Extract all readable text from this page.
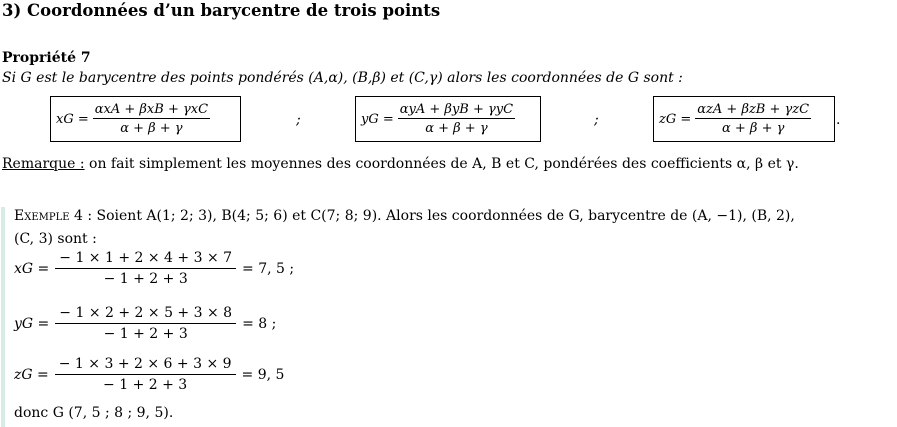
3) Coordonnées d’un barycentre de trois points
Propriété 7
Si G est le barycentre des points pondérés (A,α), (B,β) et (C,γ) alors les coordonnées de G sont :
xG = $\frac{\text{αxA + βxB + γxC}}{\alpha + \beta + \gamma}$	;	yG = $\frac{\text{αyA + βyB + γyC}}{\alpha + \beta + \gamma}$	;	zG = $\frac{\text{αzA + βzB + γzC}}{\alpha + \beta + \gamma}$ .
Remarque : on fait simplement les moyennes des coordonnées de A, B et C, pondérées des coefficients α, β et γ.
Exemple 4 : Soient A(1; 2; 3), B(4; 5; 6) et C(7; 8; 9). Alors les coordonnées de G, barycentre de (A, −1), (B, 2),
(C, 3) sont :
xG = $\frac{- 1 \times 1 + 2 \times 4 + 3 \times 7}{- 1 + 2 + 3} = 7$, 5 ;
yG = $\frac{- 1 \times 2 + 2 \times 5 + 3 \times 8}{- 1 + 2 + 3} = 8$ ;
zG = $\frac{- 1 \times 3 + 2 \times 6 + 3 \times 9}{- 1 + 2 + 3} = 9$, 5
donc G (7, 5 ; 8 ; 9, 5).
